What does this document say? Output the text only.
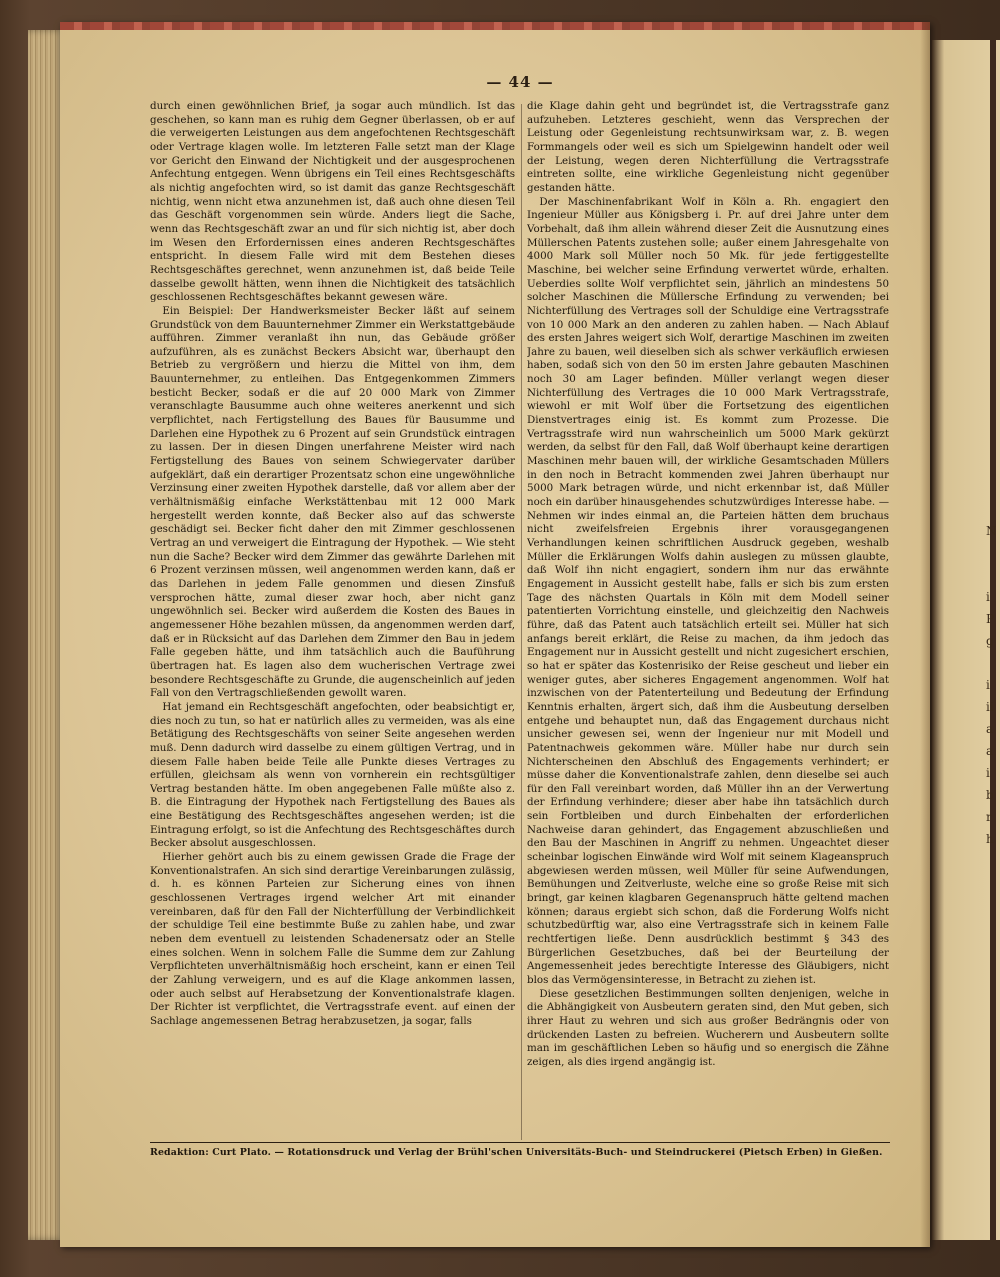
N

i
P
g

i
ii
a
a
i
b
r
h
— 44 —

durch einen gewöhnlichen Brief, ja sogar auch mündlich. Ist das geschehen, so kann man es ruhig dem Gegner überlassen, ob er auf die verweigerten Leistungen aus dem angefochtenen Rechtsgeschäft oder Vertrage klagen wolle. Im letzteren Falle setzt man der Klage vor Gericht den Einwand der Nichtigkeit und der ausgesprochenen Anfechtung entgegen. Wenn übrigens ein Teil eines Rechtsgeschäfts als nichtig angefochten wird, so ist damit das ganze Rechtsgeschäft nichtig, wenn nicht etwa anzunehmen ist, daß auch ohne diesen Teil das Geschäft vorgenommen sein würde. Anders liegt die Sache, wenn das Rechtsgeschäft zwar an und für sich nichtig ist, aber doch im Wesen den Erfordernissen eines anderen Rechtsgeschäftes entspricht. In diesem Falle wird mit dem Bestehen dieses Rechtsgeschäftes gerechnet, wenn anzunehmen ist, daß beide Teile dasselbe gewollt hätten, wenn ihnen die Nichtigkeit des tatsächlich geschlossenen Rechtsgeschäftes bekannt gewesen wäre.

Ein Beispiel: Der Handwerksmeister Becker läßt auf seinem Grundstück von dem Bauunternehmer Zimmer ein Werkstattgebäude aufführen. Zimmer veranlaßt ihn nun, das Gebäude größer aufzuführen, als es zunächst Beckers Absicht war, überhaupt den Betrieb zu vergrößern und hierzu die Mittel von ihm, dem Bauunternehmer, zu entleihen. Das Entgegenkommen Zimmers besticht Becker, sodaß er die auf 20 000 Mark von Zimmer veranschlagte Bausumme auch ohne weiteres anerkennt und sich verpflichtet, nach Fertigstellung des Baues für Bausumme und Darlehen eine Hypothek zu 6 Prozent auf sein Grundstück eintragen zu lassen. Der in diesen Dingen unerfahrene Meister wird nach Fertigstellung des Baues von seinem Schwiegervater darüber aufgeklärt, daß ein derartiger Prozentsatz schon eine ungewöhnliche Verzinsung einer zweiten Hypothek darstelle, daß vor allem aber der verhältnismäßig einfache Werkstättenbau mit 12 000 Mark hergestellt werden konnte, daß Becker also auf das schwerste geschädigt sei. Becker ficht daher den mit Zimmer geschlossenen Vertrag an und verweigert die Eintragung der Hypothek. — Wie steht nun die Sache? Becker wird dem Zimmer das gewährte Darlehen mit 6 Prozent verzinsen müssen, weil angenommen werden kann, daß er das Darlehen in jedem Falle genommen und diesen Zinsfuß versprochen hätte, zumal dieser zwar hoch, aber nicht ganz ungewöhnlich sei. Becker wird außerdem die Kosten des Baues in angemessener Höhe bezahlen müssen, da angenommen werden darf, daß er in Rücksicht auf das Darlehen dem Zimmer den Bau in jedem Falle gegeben hätte, und ihm tatsächlich auch die Bauführung übertragen hat. Es lagen also dem wucherischen Vertrage zwei besondere Rechtsgeschäfte zu Grunde, die augenscheinlich auf jeden Fall von den Vertragschließenden gewollt waren.

Hat jemand ein Rechtsgeschäft angefochten, oder beabsichtigt er, dies noch zu tun, so hat er natürlich alles zu vermeiden, was als eine Betätigung des Rechtsgeschäfts von seiner Seite angesehen werden muß. Denn dadurch wird dasselbe zu einem gültigen Vertrag, und in diesem Falle haben beide Teile alle Punkte dieses Vertrages zu erfüllen, gleichsam als wenn von vornherein ein rechtsgültiger Vertrag bestanden hätte. Im oben angegebenen Falle müßte also z. B. die Eintragung der Hypothek nach Fertigstellung des Baues als eine Bestätigung des Rechtsgeschäftes angesehen werden; ist die Eintragung erfolgt, so ist die Anfechtung des Rechtsgeschäftes durch Becker absolut ausgeschlossen.

Hierher gehört auch bis zu einem gewissen Grade die Frage der Konventionalstrafen. An sich sind derartige Vereinbarungen zulässig, d. h. es können Parteien zur Sicherung eines von ihnen geschlossenen Vertrages irgend welcher Art mit einander vereinbaren, daß für den Fall der Nichterfüllung der Verbindlichkeit der schuldige Teil eine bestimmte Buße zu zahlen habe, und zwar neben dem eventuell zu leistenden Schadenersatz oder an Stelle eines solchen. Wenn in solchem Falle die Summe dem zur Zahlung Verpflichteten unverhältnismäßig hoch erscheint, kann er einen Teil der Zahlung verweigern, und es auf die Klage ankommen lassen, oder auch selbst auf Herabsetzung der Konventionalstrafe klagen. Der Richter ist verpflichtet, die Vertragsstrafe event. auf einen der Sachlage angemessenen Betrag herabzusetzen, ja sogar, falls

die Klage dahin geht und begründet ist, die Vertragsstrafe ganz aufzuheben. Letzteres geschieht, wenn das Versprechen der Leistung oder Gegenleistung rechtsunwirksam war, z. B. wegen Formmangels oder weil es sich um Spielgewinn handelt oder weil der Leistung, wegen deren Nichterfüllung die Vertragsstrafe eintreten sollte, eine wirkliche Gegenleistung nicht gegenüber gestanden hätte.

Der Maschinenfabrikant Wolf in Köln a. Rh. engagiert den Ingenieur Müller aus Königsberg i. Pr. auf drei Jahre unter dem Vorbehalt, daß ihm allein während dieser Zeit die Ausnutzung eines Müllerschen Patents zustehen solle; außer einem Jahresgehalte von 4000 Mark soll Müller noch 50 Mk. für jede fertiggestellte Maschine, bei welcher seine Erfindung verwertet würde, erhalten. Ueberdies sollte Wolf verpflichtet sein, jährlich an mindestens 50 solcher Maschinen die Müllersche Erfindung zu verwenden; bei Nichterfüllung des Vertrages soll der Schuldige eine Vertragsstrafe von 10 000 Mark an den anderen zu zahlen haben. — Nach Ablauf des ersten Jahres weigert sich Wolf, derartige Maschinen im zweiten Jahre zu bauen, weil dieselben sich als schwer verkäuflich erwiesen haben, sodaß sich von den 50 im ersten Jahre gebauten Maschinen noch 30 am Lager befinden. Müller verlangt wegen dieser Nichterfüllung des Vertrages die 10 000 Mark Vertragsstrafe, wiewohl er mit Wolf über die Fortsetzung des eigentlichen Dienstvertrages einig ist. Es kommt zum Prozesse. Die Vertragsstrafe wird nun wahrscheinlich um 5000 Mark gekürzt werden, da selbst für den Fall, daß Wolf überhaupt keine derartigen Maschinen mehr bauen will, der wirkliche Gesamtschaden Müllers in den noch in Betracht kommenden zwei Jahren überhaupt nur 5000 Mark betragen würde, und nicht erkennbar ist, daß Müller noch ein darüber hinausgehendes schutzwürdiges Interesse habe. — Nehmen wir indes einmal an, die Parteien hätten dem bruchaus nicht zweifelsfreien Ergebnis ihrer vorausgegangenen Verhandlungen keinen schriftlichen Ausdruck gegeben, weshalb Müller die Erklärungen Wolfs dahin auslegen zu müssen glaubte, daß Wolf ihn nicht engagiert, sondern ihm nur das erwähnte Engagement in Aussicht gestellt habe, falls er sich bis zum ersten Tage des nächsten Quartals in Köln mit dem Modell seiner patentierten Vorrichtung einstelle, und gleichzeitig den Nachweis führe, daß das Patent auch tatsächlich erteilt sei. Müller hat sich anfangs bereit erklärt, die Reise zu machen, da ihm jedoch das Engagement nur in Aussicht gestellt und nicht zugesichert erschien, so hat er später das Kostenrisiko der Reise gescheut und lieber ein weniger gutes, aber sicheres Engagement angenommen. Wolf hat inzwischen von der Patenterteilung und Bedeutung der Erfindung Kenntnis erhalten, ärgert sich, daß ihm die Ausbeutung derselben entgehe und behauptet nun, daß das Engagement durchaus nicht unsicher gewesen sei, wenn der Ingenieur nur mit Modell und Patentnachweis gekommen wäre. Müller habe nur durch sein Nichterscheinen den Abschluß des Engagements verhindert; er müsse daher die Konventionalstrafe zahlen, denn dieselbe sei auch für den Fall vereinbart worden, daß Müller ihn an der Verwertung der Erfindung verhindere; dieser aber habe ihn tatsächlich durch sein Fortbleiben und durch Einbehalten der erforderlichen Nachweise daran gehindert, das Engagement abzuschließen und den Bau der Maschinen in Angriff zu nehmen. Ungeachtet dieser scheinbar logischen Einwände wird Wolf mit seinem Klageanspruch abgewiesen werden müssen, weil Müller für seine Aufwendungen, Bemühungen und Zeitverluste, welche eine so große Reise mit sich bringt, gar keinen klagbaren Gegenanspruch hätte geltend machen können; daraus ergiebt sich schon, daß die Forderung Wolfs nicht schutzbedürftig war, also eine Vertragsstrafe sich in keinem Falle rechtfertigen ließe. Denn ausdrücklich bestimmt § 343 des Bürgerlichen Gesetzbuches, daß bei der Beurteilung der Angemessenheit jedes berechtigte Interesse des Gläubigers, nicht blos das Vermögensinteresse, in Betracht zu ziehen ist.

Diese gesetzlichen Bestimmungen sollten denjenigen, welche in die Abhängigkeit von Ausbeutern geraten sind, den Mut geben, sich ihrer Haut zu wehren und sich aus großer Bedrängnis oder von drückenden Lasten zu befreien. Wucherern und Ausbeutern sollte man im geschäftlichen Leben so häufig und so energisch die Zähne zeigen, als dies irgend angängig ist.

Redaktion: Curt Plato. — Rotationsdruck und Verlag der Brühl'schen Universitäts-Buch- und Steindruckerei (Pietsch Erben) in Gießen.
